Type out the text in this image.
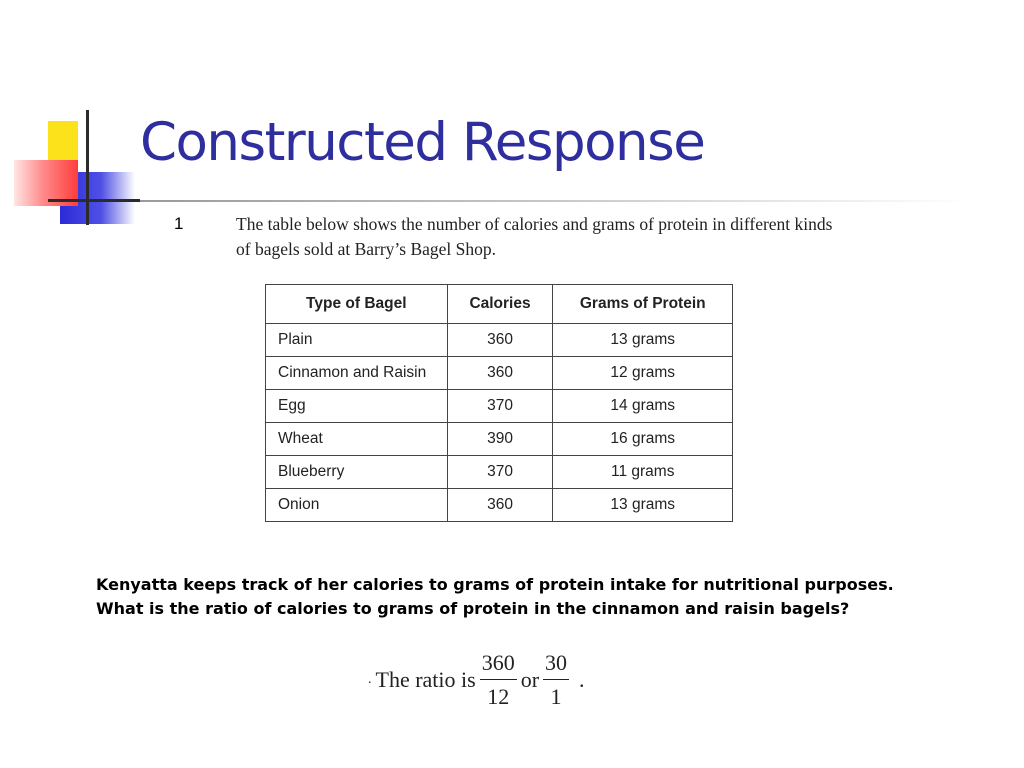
Constructed Response
1	The table below shows the number of calories and grams of protein in different kinds of bagels sold at Barry’s Bagel Shop.

Type of Bagel	Calories	Grams of Protein
Plain	360	13 grams
Cinnamon and Raisin	360	12 grams
Egg	370	14 grams
Wheat	390	16 grams
Blueberry	370	11 grams
Onion	360	13 grams

Kenyatta keeps track of her calories to grams of protein intake for nutritional purposes. What is the ratio of calories to grams of protein in the cinnamon and raisin bagels?

. The ratio is $\frac{360}{12}$ or $\frac{30}{1}$ .
